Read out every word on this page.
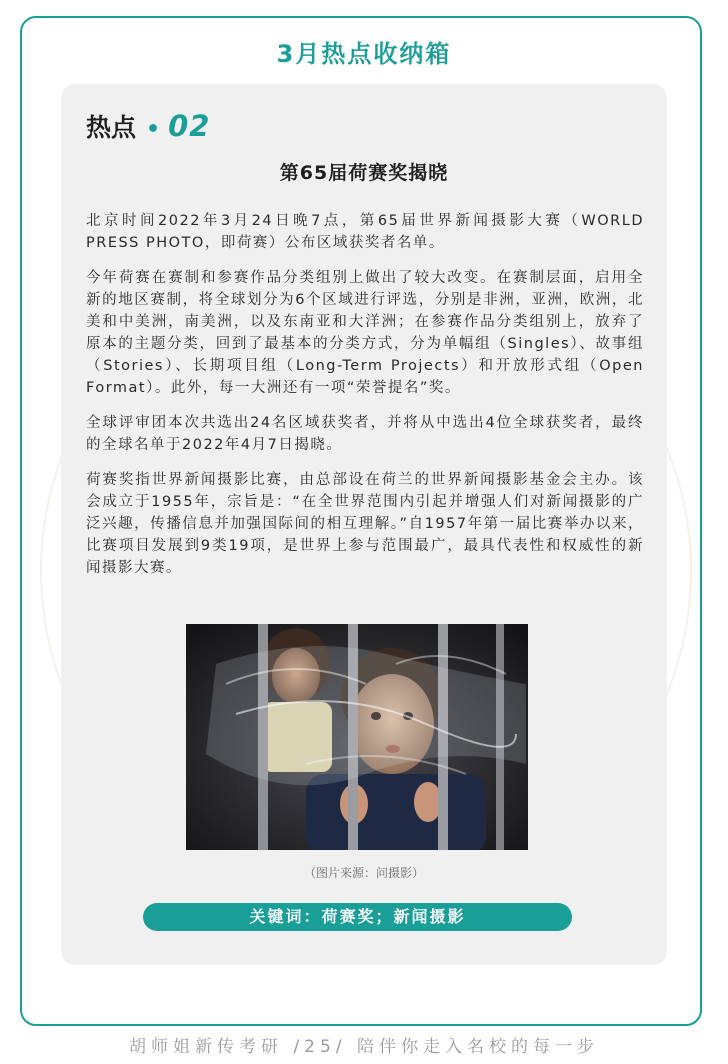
3月热点收纳箱
热点 • 02
第65届荷赛奖揭晓

北京时间2022年3月24日晚7点，第65届世界新闻摄影大赛（WORLD PRESS PHOTO，即荷赛）公布区域获奖者名单。

今年荷赛在赛制和参赛作品分类组别上做出了较大改变。在赛制层面，启用全新的地区赛制，将全球划分为6个区域进行评选，分别是非洲，亚洲，欧洲，北美和中美洲，南美洲，以及东南亚和大洋洲；在参赛作品分类组别上，放弃了原本的主题分类，回到了最基本的分类方式，分为单幅组（Singles）、故事组（Stories）、长期项目组（Long-Term Projects）和开放形式组（Open Format）。此外，每一大洲还有一项“荣誉提名”奖。

全球评审团本次共选出24名区域获奖者，并将从中选出4位全球获奖者，最终的全球名单于2022年4月7日揭晓。

荷赛奖指世界新闻摄影比赛，由总部设在荷兰的世界新闻摄影基金会主办。该会成立于1955年，宗旨是：“在全世界范围内引起并增强人们对新闻摄影的广泛兴趣，传播信息并加强国际间的相互理解。”自1957年第一届比赛举办以来，比赛项目发展到9类19项，是世界上参与范围最广，最具代表性和权威性的新闻摄影大赛。

（图片来源：问摄影）
关键词：荷赛奖；新闻摄影
胡师姐新传考研 /25/ 陪伴你走入名校的每一步
